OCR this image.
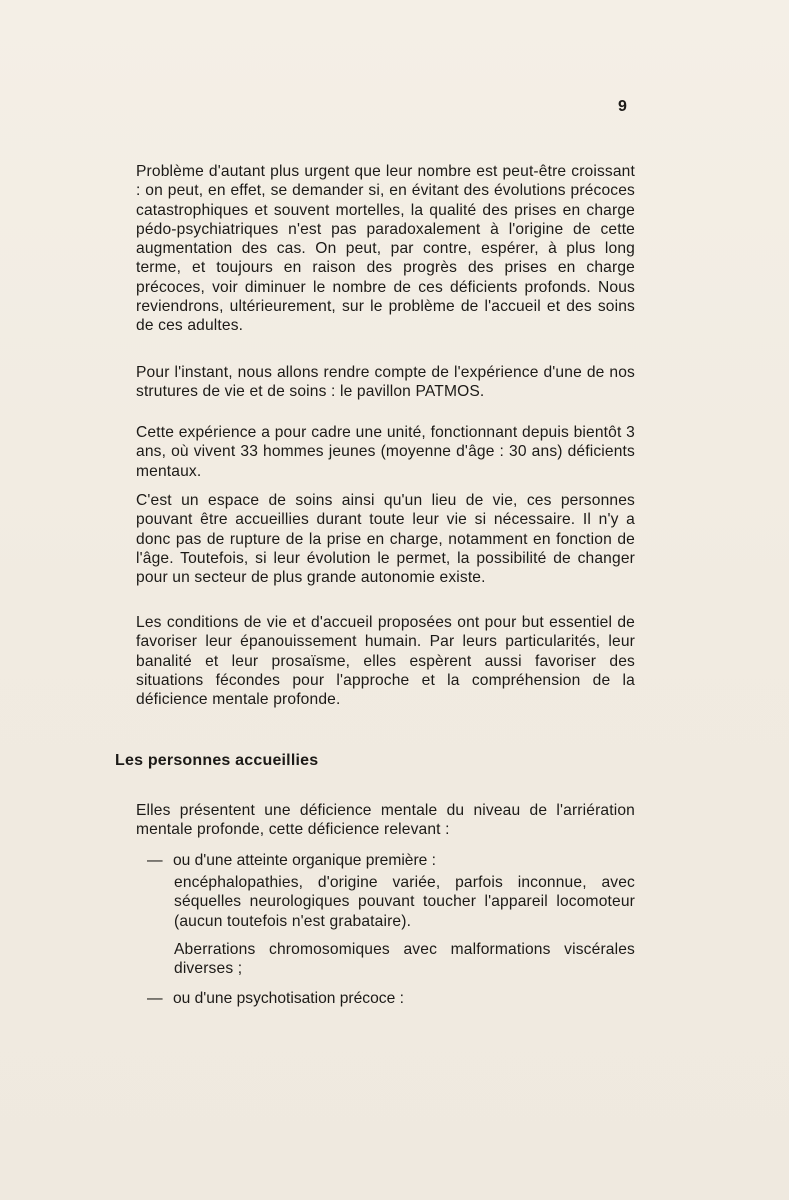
9

Problème d'autant plus urgent que leur nombre est peut-être croissant : on peut, en effet, se demander si, en évitant des évolutions précoces catastrophiques et souvent mortelles, la qualité des prises en charge pédo-psychiatriques n'est pas paradoxalement à l'origine de cette augmentation des cas. On peut, par contre, espérer, à plus long terme, et toujours en raison des progrès des prises en charge précoces, voir diminuer le nombre de ces déficients profonds. Nous reviendrons, ultérieurement, sur le problème de l'accueil et des soins de ces adultes.

Pour l'instant, nous allons rendre compte de l'expérience d'une de nos strutures de vie et de soins : le pavillon PATMOS.

Cette expérience a pour cadre une unité, fonctionnant depuis bientôt 3 ans, où vivent 33 hommes jeunes (moyenne d'âge : 30 ans) déficients mentaux.

C'est un espace de soins ainsi qu'un lieu de vie, ces personnes pouvant être accueillies durant toute leur vie si nécessaire. Il n'y a donc pas de rupture de la prise en charge, notamment en fonction de l'âge. Toutefois, si leur évolution le permet, la possibilité de changer pour un secteur de plus grande autonomie existe.

Les conditions de vie et d'accueil proposées ont pour but essentiel de favoriser leur épanouissement humain. Par leurs particularités, leur banalité et leur prosaïsme, elles espèrent aussi favoriser des situations fécondes pour l'approche et la compréhension de la déficience mentale profonde.

Les personnes accueillies

Elles présentent une déficience mentale du niveau de l'arriération mentale profonde, cette déficience relevant :

— ou d'une atteinte organique première :

encéphalopathies, d'origine variée, parfois inconnue, avec séquelles neurologiques pouvant toucher l'appareil locomoteur (aucun toutefois n'est grabataire).

Aberrations chromosomiques avec malformations viscérales diverses ;

— ou d'une psychotisation précoce :
